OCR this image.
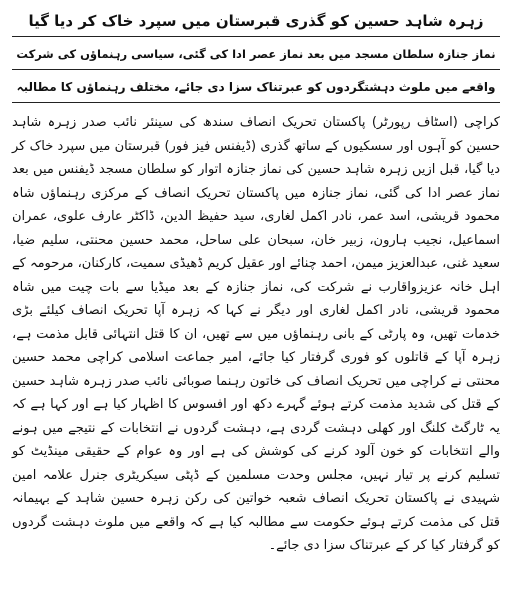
زہرہ شاہد حسین کو گذری قبرستان میں سپرد خاک کر دیا گیا
نماز جنازہ سلطان مسجد میں بعد نماز عصر ادا کی گئی، سیاسی رہنماؤں کی شرکت
واقعے میں ملوث دہشتگردوں کو عبرتناک سزا دی جائے، مختلف رہنماؤں کا مطالبہ

کراچی (اسٹاف رپورٹر) پاکستان تحریک انصاف سندھ کی سینئر نائب صدر زہرہ شاہد حسین کو آہوں اور سسکیوں کے ساتھ گذری (ڈیفنس فیز فور) قبرستان میں سپرد خاک کر دیا گیا، قبل ازیں زہرہ شاہد حسین کی نماز جنازہ اتوار کو سلطان مسجد ڈیفنس میں بعد نماز عصر ادا کی گئی، نماز جنازہ میں پاکستان تحریک انصاف کے مرکزی رہنماؤں شاہ محمود قریشی، اسد عمر، نادر اکمل لغاری، سید حفیظ الدین، ڈاکٹر عارف علوی، عمران اسماعیل، نجیب ہارون، زبیر خان، سبحان علی ساحل، محمد حسین محنتی، سلیم ضیا، سعید غنی، عبدالعزیز میمن، احمد چنائے اور عقیل کریم ڈھیڈی سمیت، کارکنان، مرحومہ کے اہل خانہ عزیزواقارب نے شرکت کی، نماز جنازہ کے بعد میڈیا سے بات چیت میں شاہ محمود قریشی، نادر اکمل لغاری اور دیگر نے کہا کہ زہرہ آپا تحریک انصاف کیلئے بڑی خدمات تھیں، وہ پارٹی کے بانی رہنماؤں میں سے تھیں، ان کا قتل انتہائی قابل مذمت ہے، زہرہ آپا کے قاتلوں کو فوری گرفتار کیا جائے، امیر جماعت اسلامی کراچی محمد حسین محنتی نے کراچی میں تحریک انصاف کی خاتون رہنما صوبائی نائب صدر زہرہ شاہد حسین کے قتل کی شدید مذمت کرتے ہوئے گہرے دکھ اور افسوس کا اظہار کیا ہے اور کہا ہے کہ یہ ٹارگٹ کلنگ اور کھلی دہشت گردی ہے، دہشت گردوں نے انتخابات کے نتیجے میں ہونے والے انتخابات کو خون آلود کرنے کی کوشش کی ہے اور وہ عوام کے حقیقی مینڈیٹ کو تسلیم کرنے پر تیار نہیں، مجلس وحدت مسلمین کے ڈپٹی سیکریٹری جنرل علامہ امین شہیدی نے پاکستان تحریک انصاف شعبہ خواتین کی رکن زہرہ حسین شاہد کے بہیمانہ قتل کی مذمت کرتے ہوئے حکومت سے مطالبہ کیا ہے کہ واقعے میں ملوث دہشت گردوں کو گرفتار کیا کر کے عبرتناک سزا دی جائے۔
